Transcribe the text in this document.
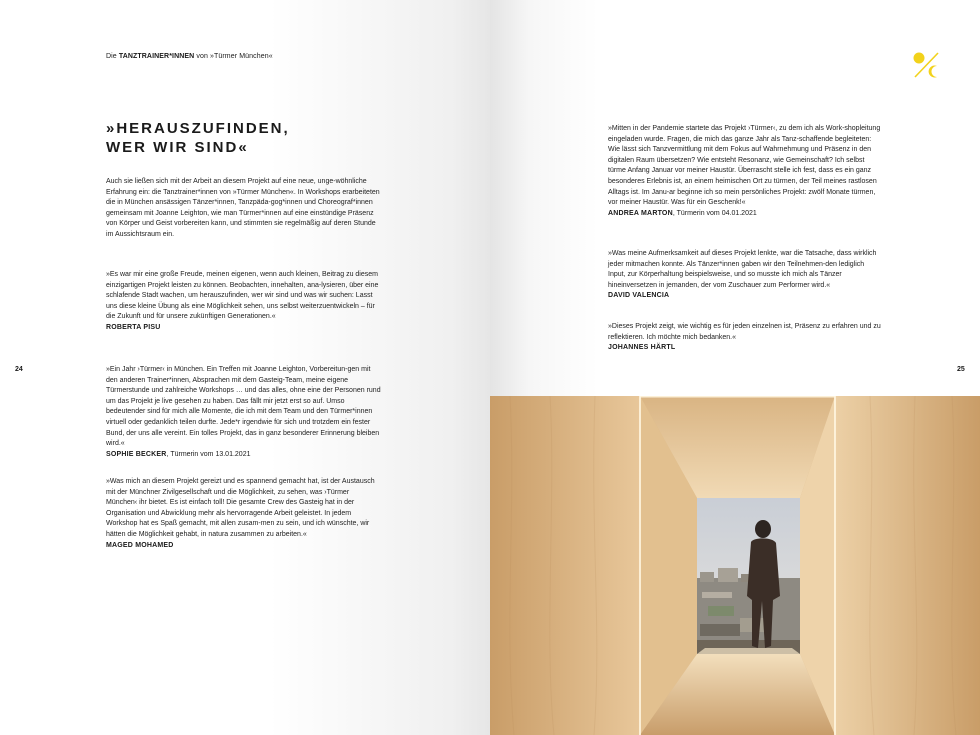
Die TANZTRAINER*INNEN von »Türmer München«
»HERAUSZUFINDEN,
WER WIR SIND«

Auch sie ließen sich mit der Arbeit an diesem Projekt auf eine neue, unge-wöhnliche Erfahrung ein: die Tanztrainer*innen von »Türmer München«. In Workshops erarbeiteten die in München ansässigen Tänzer*innen, Tanzpäda-gog*innen und Choreograf*innen gemeinsam mit Joanne Leighton, wie man Türmer*innen auf eine einstündige Präsenz von Körper und Geist vorbereiten kann, und stimmten sie regelmäßig auf deren Stunde im Aussichtsraum ein.

»Es war mir eine große Freude, meinen eigenen, wenn auch kleinen, Beitrag zu diesem einzigartigen Projekt leisten zu können. Beobachten, innehalten, ana-lysieren, über eine schlafende Stadt wachen, um herauszufinden, wer wir sind und was wir suchen: Lasst uns diese kleine Übung als eine Möglichkeit sehen, uns selbst weiterzuentwickeln – für die Zukunft und für unsere zukünftigen Generationen.«

ROBERTA PISU

»Ein Jahr ›Türmer‹ in München. Ein Treffen mit Joanne Leighton, Vorbereitun-gen mit den anderen Trainer*innen, Absprachen mit dem Gasteig-Team, meine eigene Türmerstunde und zahlreiche Workshops … und das alles, ohne eine der Personen rund um das Projekt je live gesehen zu haben. Das fällt mir jetzt erst so auf. Umso bedeutender sind für mich alle Momente, die ich mit dem Team und den Türmer*innen virtuell oder gedanklich teilen durfte. Jede*r irgendwie für sich und trotzdem ein fester Bund, der uns alle vereint. Ein tolles Projekt, das in ganz besonderer Erinnerung bleiben wird.«

SOPHIE BECKER, Türmerin vom 13.01.2021

»Was mich an diesem Projekt gereizt und es spannend gemacht hat, ist der Austausch mit der Münchner Zivilgesellschaft und die Möglichkeit, zu sehen, was ›Türmer München‹ ihr bietet. Es ist einfach toll! Die gesamte Crew des Gasteig hat in der Organisation und Abwicklung mehr als hervorragende Arbeit geleistet. In jedem Workshop hat es Spaß gemacht, mit allen zusam-men zu sein, und ich wünschte, wir hätten die Möglichkeit gehabt, in natura zusammen zu arbeiten.«

MAGED MOHAMED

»Mitten in der Pandemie startete das Projekt ›Türmer‹, zu dem ich als Work-shopleitung eingeladen wurde. Fragen, die mich das ganze Jahr als Tanz-schaffende begleiteten: Wie lässt sich Tanzvermittlung mit dem Fokus auf Wahrnehmung und Präsenz in den digitalen Raum übersetzen? Wie entsteht Resonanz, wie Gemeinschaft? Ich selbst türme Anfang Januar vor meiner Haustür. Überrascht stelle ich fest, dass es ein ganz besonderes Erlebnis ist, an einem heimischen Ort zu türmen, der Teil meines rastlosen Alltags ist. Im Janu-ar beginne ich so mein persönliches Projekt: zwölf Monate türmen, vor meiner Haustür. Was für ein Geschenk!«

ANDREA MARTON, Türmerin vom 04.01.2021

»Was meine Aufmerksamkeit auf dieses Projekt lenkte, war die Tatsache, dass wirklich jeder mitmachen konnte. Als Tänzer*innen gaben wir den Teilnehmen-den lediglich Input, zur Körperhaltung beispielsweise, und so musste ich mich als Tänzer hineinversetzen in jemanden, der vom Zuschauer zum Performer wird.«

DAVID VALENCIA

»Dieses Projekt zeigt, wie wichtig es für jeden einzelnen ist, Präsenz zu erfahren und zu reflektieren. Ich möchte mich bedanken.«

JOHANNES HÄRTL
24	25
